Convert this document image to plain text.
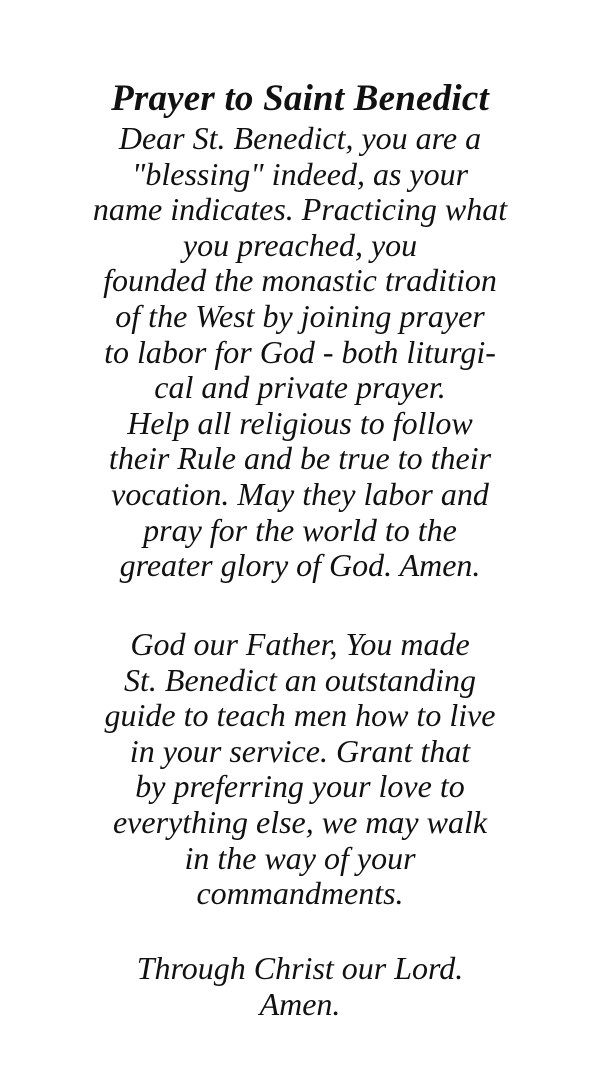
Prayer to Saint Benedict
Dear St. Benedict, you are a
"blessing" indeed, as your
name indicates. Practicing what
you preached, you
founded the monastic tradition
of the West by joining prayer
to labor for God - both liturgi-
cal and private prayer.
Help all religious to follow
their Rule and be true to their
vocation. May they labor and
pray for the world to the
greater glory of God. Amen.
God our Father, You made
St. Benedict an outstanding
guide to teach men how to live
in your service. Grant that
by preferring your love to
everything else, we may walk
in the way of your
commandments.
Through Christ our Lord.
Amen.
